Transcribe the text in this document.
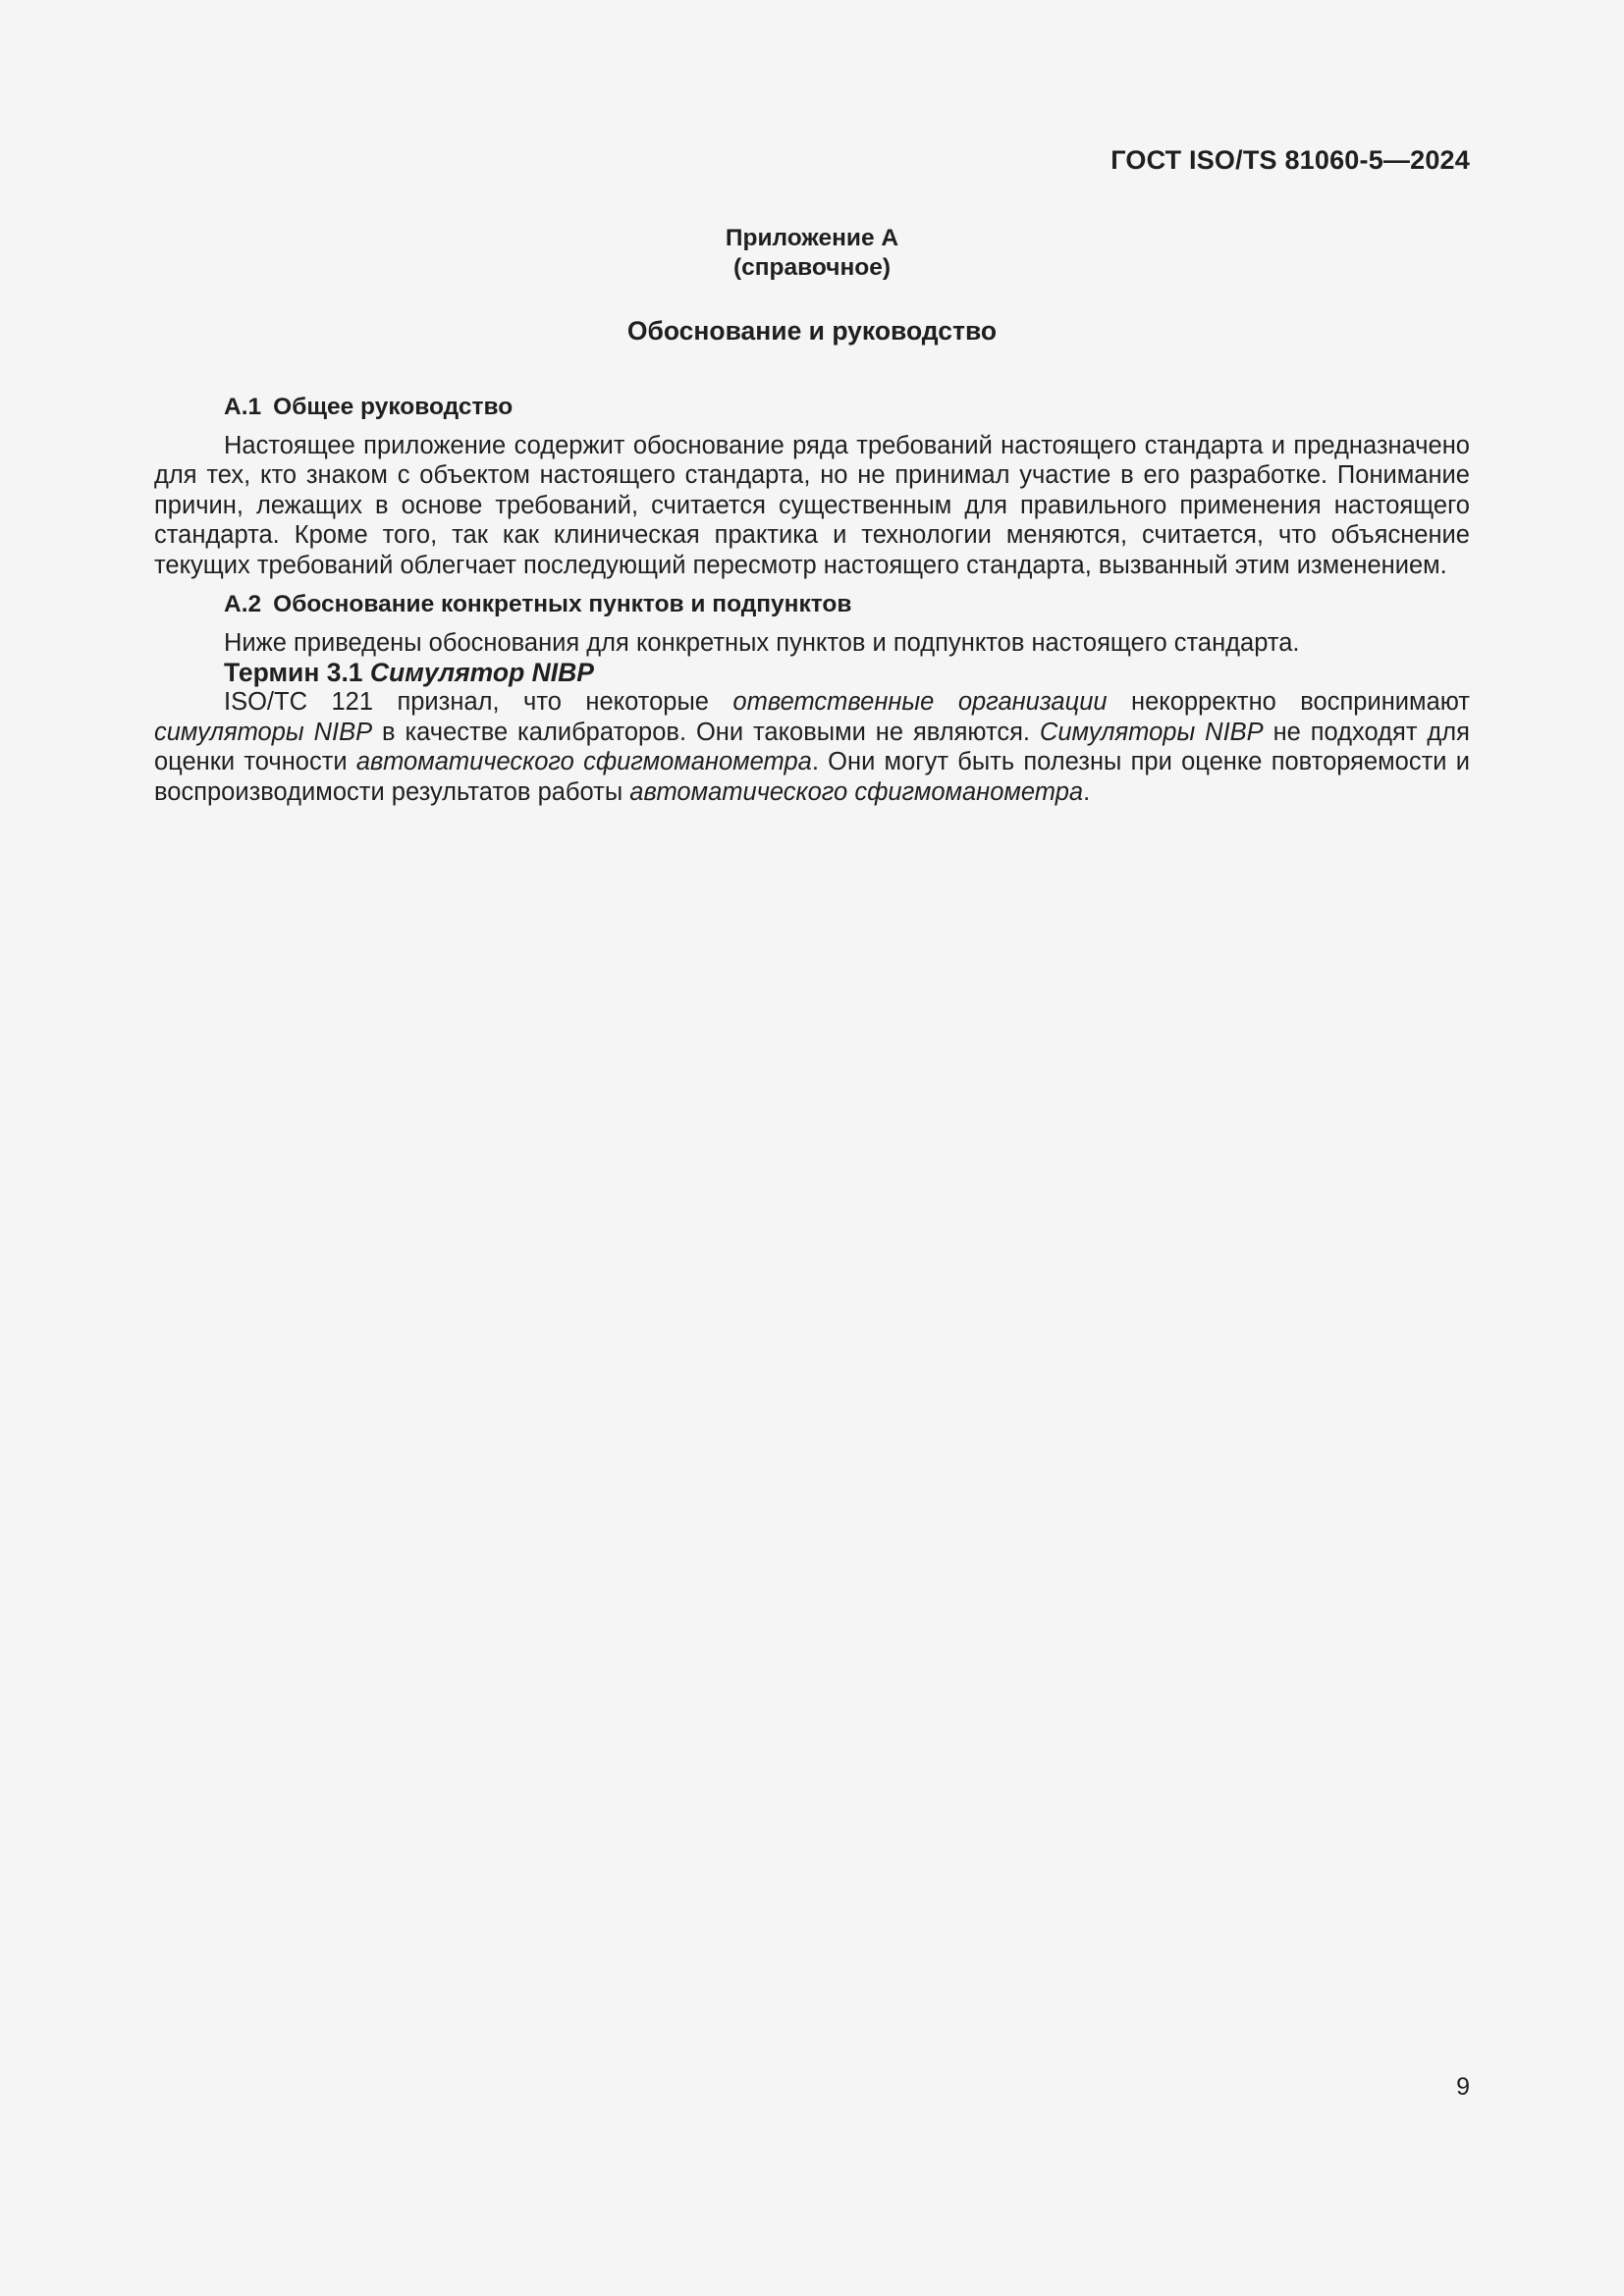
ГОСТ ISO/TS 81060-5—2024
Приложение А
(справочное)
Обоснование и руководство
А.1 Общее руководство

Настоящее приложение содержит обоснование ряда требований настоящего стандарта и предназначено для тех, кто знаком с объектом настоящего стандарта, но не принимал участие в его разработке. Понимание причин, лежащих в основе требований, считается существенным для правильного применения настоящего стандарта. Кроме того, так как клиническая практика и технологии меняются, считается, что объяснение текущих требований облегчает последующий пересмотр настоящего стандарта, вызванный этим изменением.

А.2 Обоснование конкретных пунктов и подпунктов

Ниже приведены обоснования для конкретных пунктов и подпунктов настоящего стандарта.

Термин 3.1 Симулятор NIBP

ISO/TC 121 признал, что некоторые ответственные организации некорректно воспринимают симуляторы NIBP в качестве калибраторов. Они таковыми не являются. Симуляторы NIBP не подходят для оценки точности автоматического сфигмоманометра. Они могут быть полезны при оценке повторяемости и воспроизводимости результатов работы автоматического сфигмоманометра.

9
